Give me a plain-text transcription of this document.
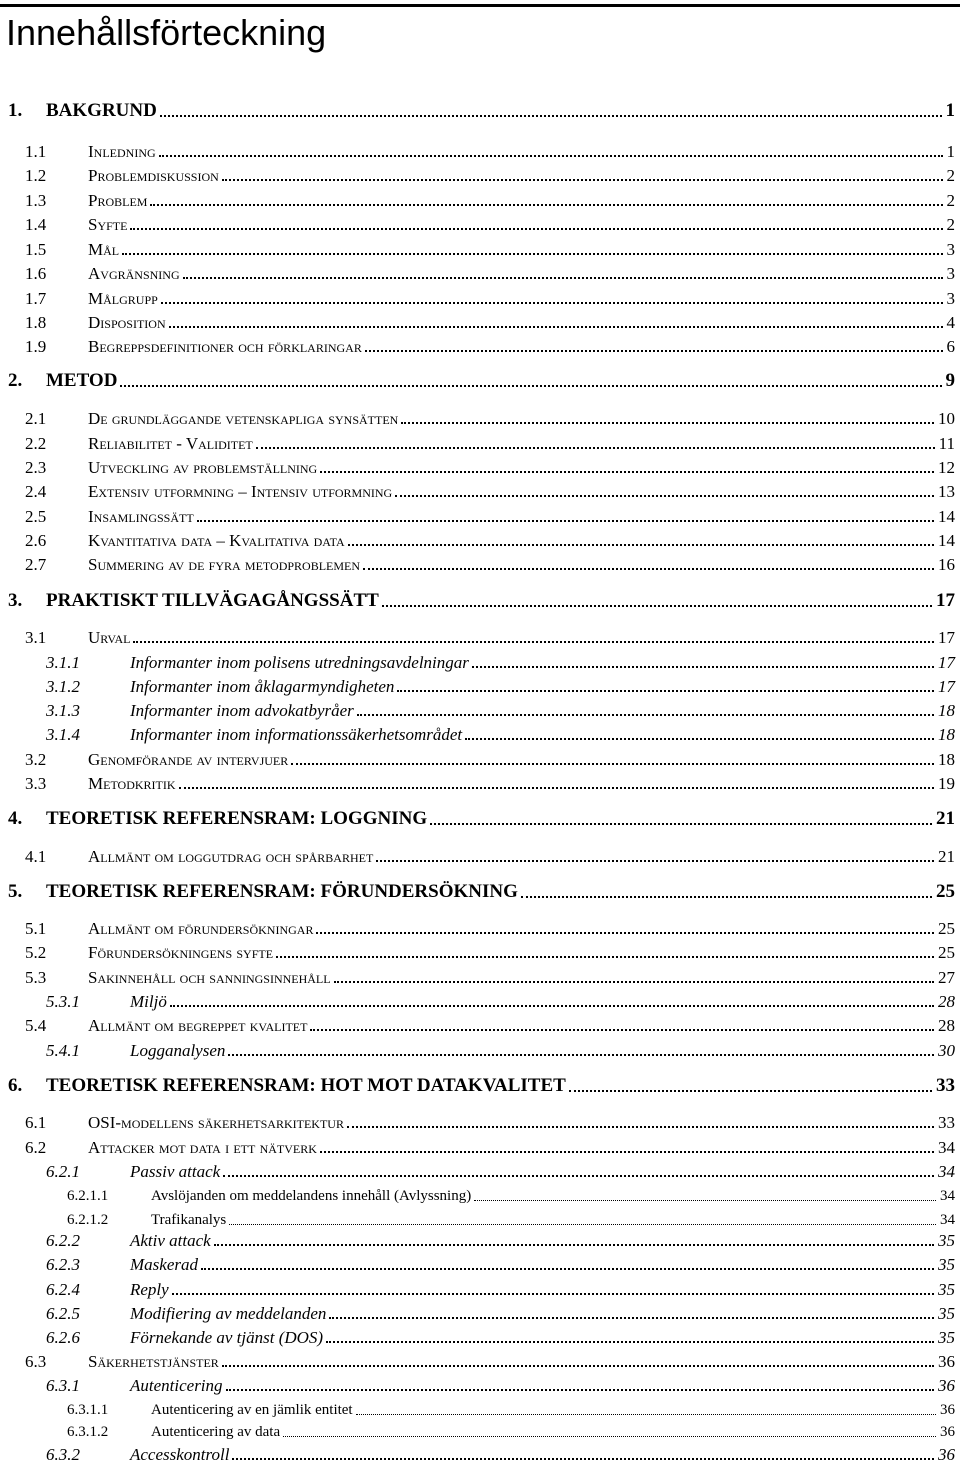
Innehållsförteckning
1. BAKGRUND	1
1.1 Inledning	1
1.2 Problemdiskussion	2
1.3 Problem	2
1.4 Syfte	2
1.5 Mål	3
1.6 Avgränsning	3
1.7 Målgrupp	3
1.8 Disposition	4
1.9 Begreppsdefinitioner och förklaringar	6
2. METOD	9
2.1 De grundläggande vetenskapliga synsätten	10
2.2 Reliabilitet - Validitet	11
2.3 Utveckling av problemställning	12
2.4 Extensiv utformning – Intensiv utformning	13
2.5 Insamlingssätt	14
2.6 Kvantitativa data – Kvalitativa data	14
2.7 Summering av de fyra metodproblemen	16
3. PRAKTISKT TILLVÄGAGÅNGSSÄTT	17
3.1 Urval	17
3.1.1	Informanter inom polisens utredningsavdelningar	17
3.1.2	Informanter inom åklagarmyndigheten	17
3.1.3	Informanter inom advokatbyråer	18
3.1.4	Informanter inom informationssäkerhetsområdet	18
3.2 Genomförande av intervjuer	18
3.3 Metodkritik	19
4. TEORETISK REFERENSRAM: LOGGNING	21
4.1 Allmänt om loggutdrag och spårbarhet	21
5. TEORETISK REFERENSRAM: FÖRUNDERSÖKNING	25
5.1 Allmänt om förundersökningar	25
5.2 Förundersökningens syfte	25
5.3 Sakinnehåll och sanningsinnehåll	27
5.3.1	Miljö	28
5.4 Allmänt om begreppet kvalitet	28
5.4.1	Logganalysen	30
6. TEORETISK REFERENSRAM: HOT MOT DATAKVALITET	33
6.1 OSI-modellens säkerhetsarkitektur	33
6.2 Attacker mot data i ett nätverk	34
6.2.1	Passiv attack	34
6.2.1.1	Avslöjanden om meddelandens innehåll (Avlyssning)	34
6.2.1.2	Trafikanalys	34
6.2.2	Aktiv attack	35
6.2.3	Maskerad	35
6.2.4	Reply	35
6.2.5	Modifiering av meddelanden	35
6.2.6	Förnekande av tjänst (DOS)	35
6.3 Säkerhetstjänster	36
6.3.1	Autenticering	36
6.3.1.1	Autenticering av en jämlik entitet	36
6.3.1.2	Autenticering av data	36
6.3.2	Accesskontroll	36
